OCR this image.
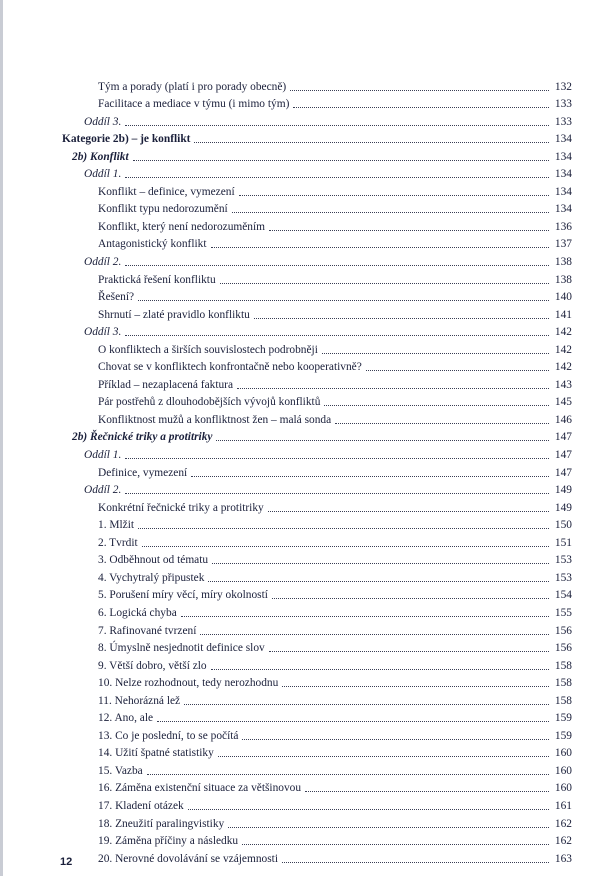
Tým a porady (platí i pro porady obecně)	132
Facilitace a mediace v týmu (i mimo tým)	133
Oddíl 3.	133
Kategorie 2b) – je konflikt	134
2b) Konflikt	134
Oddíl 1.	134
Konflikt – definice, vymezení	134
Konflikt typu nedorozumění	134
Konflikt, který není nedorozuměním	136
Antagonistický konflikt	137
Oddíl 2.	138
Praktická řešení konfliktu	138
Řešení?	140
Shrnutí – zlaté pravidlo konfliktu	141
Oddíl 3.	142
O konfliktech a širších souvislostech podrobněji	142
Chovat se v konfliktech konfrontačně nebo kooperativně?	142
Příklad – nezaplacená faktura	143
Pár postřehů z dlouhodobějších vývojů konfliktů	145
Konfliktnost mužů a konfliktnost žen – malá sonda	146
2b) Řečnické triky a protitriky	147
Oddíl 1.	147
Definice, vymezení	147
Oddíl 2.	149
Konkrétní řečnické triky a protitriky	149
1. Mlžit	150
2. Tvrdit	151
3. Odběhnout od tématu	153
4. Vychytralý připustek	153
5. Porušení míry věcí, míry okolností	154
6. Logická chyba	155
7. Rafinované tvrzení	156
8. Úmyslně nesjednotit definice slov	156
9. Větší dobro, větší zlo	158
10. Nelze rozhodnout, tedy nerozhodnu	158
11. Nehorázná lež	158
12. Ano, ale	159
13. Co je poslední, to se počítá	159
14. Užití špatné statistiky	160
15. Vazba	160
16. Záměna existenční situace za většinovou	160
17. Kladení otázek	161
18. Zneužití paralingvistiky	162
19. Záměna příčiny a následku	162
20. Nerovné dovolávání se vzájemnosti	163
12
